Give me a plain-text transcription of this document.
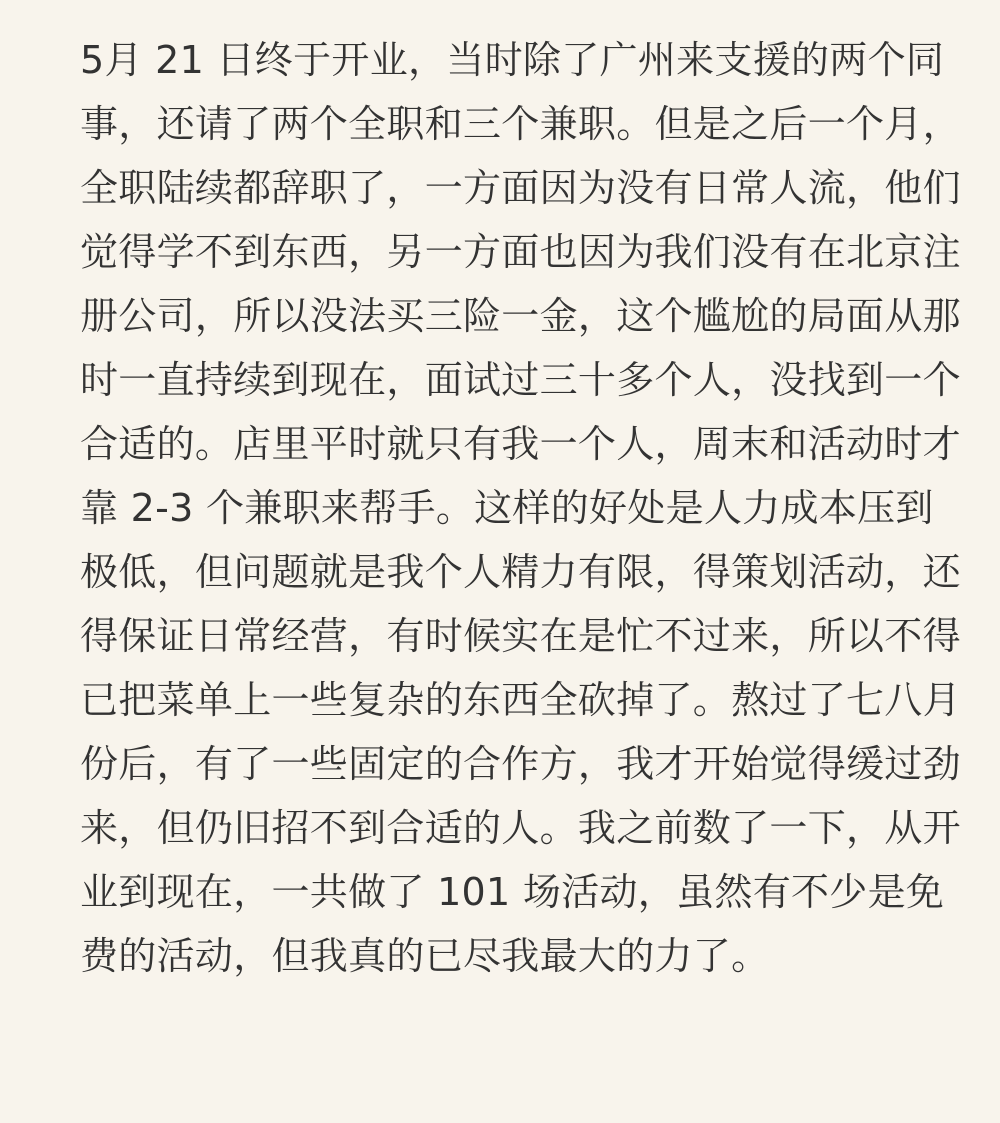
5月 21 日终于开业，当时除了广州来支援的两个同
事，还请了两个全职和三个兼职。但是之后一个月，
全职陆续都辞职了，一方面因为没有日常人流，他们
觉得学不到东西，另一方面也因为我们没有在北京注
册公司，所以没法买三险一金，这个尴尬的局面从那
时一直持续到现在，面试过三十多个人，没找到一个
合适的。店里平时就只有我一个人，周末和活动时才
靠 2-3 个兼职来帮手。这样的好处是人力成本压到
极低，但问题就是我个人精力有限，得策划活动，还
得保证日常经营，有时候实在是忙不过来，所以不得
已把菜单上一些复杂的东西全砍掉了。熬过了七八月
份后，有了一些固定的合作方，我才开始觉得缓过劲
来，但仍旧招不到合适的人。我之前数了一下，从开
业到现在，一共做了 101 场活动，虽然有不少是免
费的活动，但我真的已尽我最大的力了。
